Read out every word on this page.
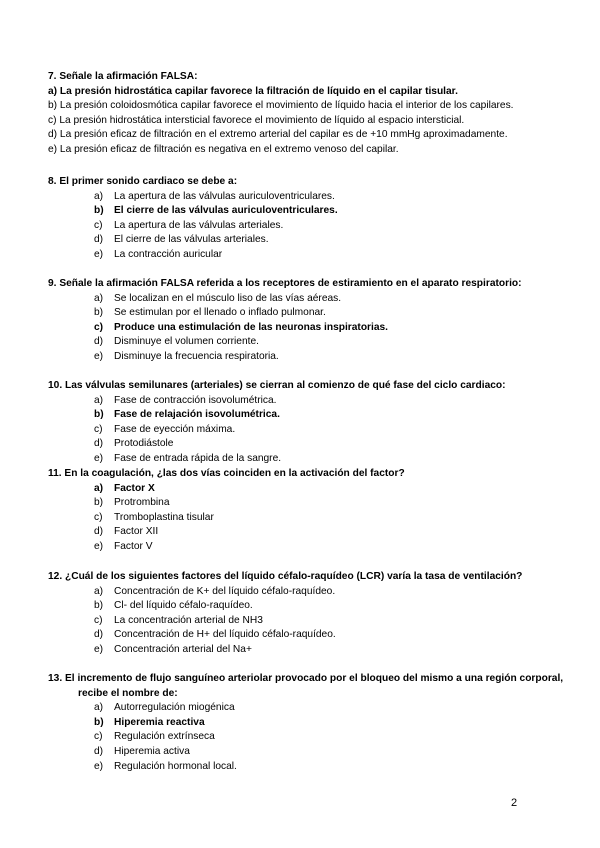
7. Señale la afirmación FALSA:

a) La presión hidrostática capilar favorece la filtración de líquido en el capilar tisular.
b) La presión coloidosmótica capilar favorece el movimiento de líquido hacia el interior de los capilares.
c) La presión hidrostática intersticial favorece el movimiento de líquido al espacio intersticial.
d) La presión eficaz de filtración en el extremo arterial del capilar es de +10 mmHg aproximadamente.
e) La presión eficaz de filtración es negativa en el extremo venoso del capilar.

8. El primer sonido cardiaco se debe a:

a) La apertura de las válvulas auriculoventriculares.
b) El cierre de las válvulas auriculoventriculares.
c) La apertura de las válvulas arteriales.
d) El cierre de las válvulas arteriales.
e) La contracción auricular

9. Señale la afirmación FALSA referida a los receptores de estiramiento en el aparato respiratorio:

a) Se localizan en el músculo liso de las vías aéreas.
b) Se estimulan por el llenado o inflado pulmonar.
c) Produce una estimulación de las neuronas inspiratorias.
d) Disminuye el volumen corriente.
e) Disminuye la frecuencia respiratoria.

10. Las válvulas semilunares (arteriales) se cierran al comienzo de qué fase del ciclo cardiaco:

a) Fase de contracción isovolumétrica.
b) Fase de relajación isovolumétrica.
c) Fase de eyección máxima.
d) Protodiástole
e) Fase de entrada rápida de la sangre.

11. En la coagulación, ¿las dos vías coinciden en la activación del factor?

a) Factor X
b) Protrombina
c) Tromboplastina tisular
d) Factor XII
e) Factor V

12. ¿Cuál de los siguientes factores del líquido céfalo-raquídeo (LCR) varía la tasa de ventilación?

a) Concentración de K+ del líquido céfalo-raquídeo.
b) Cl- del líquido céfalo-raquídeo.
c) La concentración arterial de NH3
d) Concentración de H+ del líquido céfalo-raquídeo.
e) Concentración arterial del Na+

13. El incremento de flujo sanguíneo arteriolar provocado por el bloqueo del mismo a una región corporal, recibe el nombre de:

a) Autorregulación miogénica
b) Hiperemia reactiva
c) Regulación extrínseca
d) Hiperemia activa
e) Regulación hormonal local.
2
